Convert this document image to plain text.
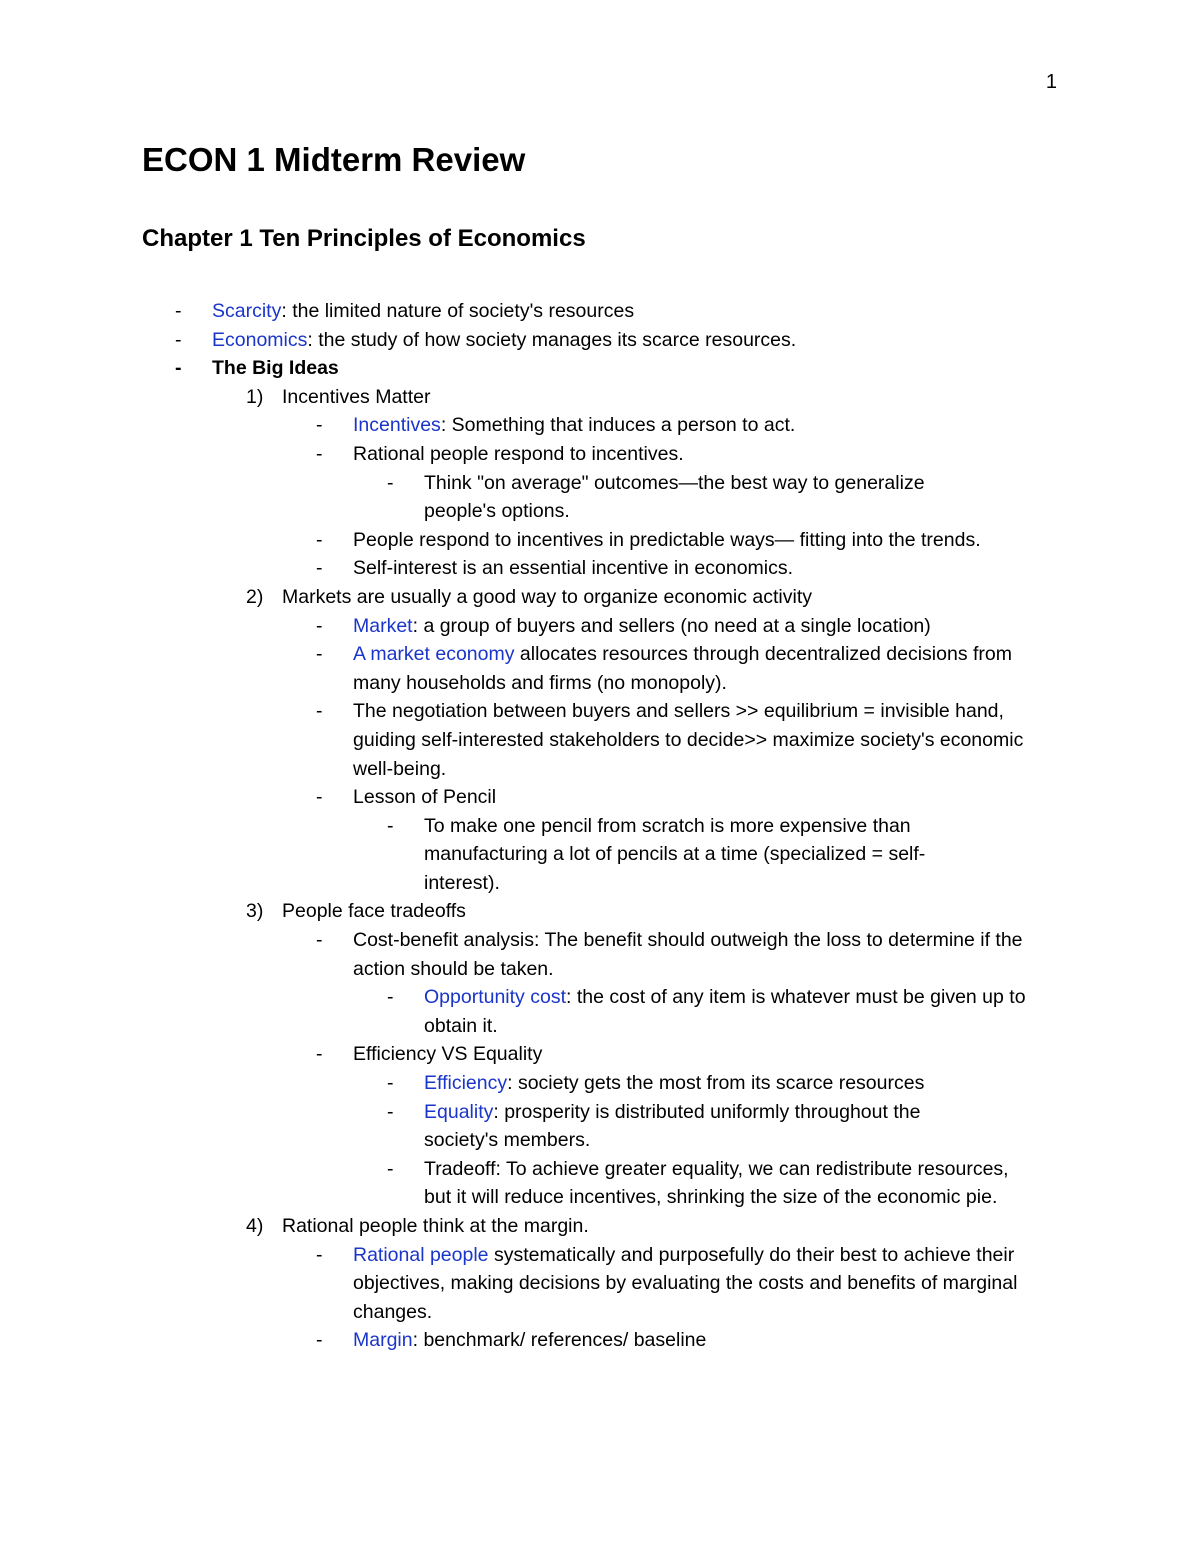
1
ECON 1 Midterm Review
Chapter 1 Ten Principles of Economics
- Scarcity: the limited nature of society's resources
- Economics: the study of how society manages its scarce resources.
- The Big Ideas
1) Incentives Matter
- Incentives: Something that induces a person to act.
- Rational people respond to incentives.
- Think "on average" outcomes—the best way to generalize people's options.
- People respond to incentives in predictable ways— fitting into the trends.
- Self-interest is an essential incentive in economics.
2) Markets are usually a good way to organize economic activity
- Market: a group of buyers and sellers (no need at a single location)
- A market economy allocates resources through decentralized decisions from many households and firms (no monopoly).
- The negotiation between buyers and sellers >> equilibrium = invisible hand, guiding self-interested stakeholders to decide>> maximize society's economic well-being.
- Lesson of Pencil
- To make one pencil from scratch is more expensive than manufacturing a lot of pencils at a time (specialized = self-interest).
3) People face tradeoffs
- Cost-benefit analysis: The benefit should outweigh the loss to determine if the action should be taken.
- Opportunity cost: the cost of any item is whatever must be given up to obtain it.
- Efficiency VS Equality
- Efficiency: society gets the most from its scarce resources
- Equality: prosperity is distributed uniformly throughout the society's members.
- Tradeoff: To achieve greater equality, we can redistribute resources, but it will reduce incentives, shrinking the size of the economic pie.
4) Rational people think at the margin.
- Rational people systematically and purposefully do their best to achieve their objectives, making decisions by evaluating the costs and benefits of marginal changes.
- Margin: benchmark/ references/ baseline
